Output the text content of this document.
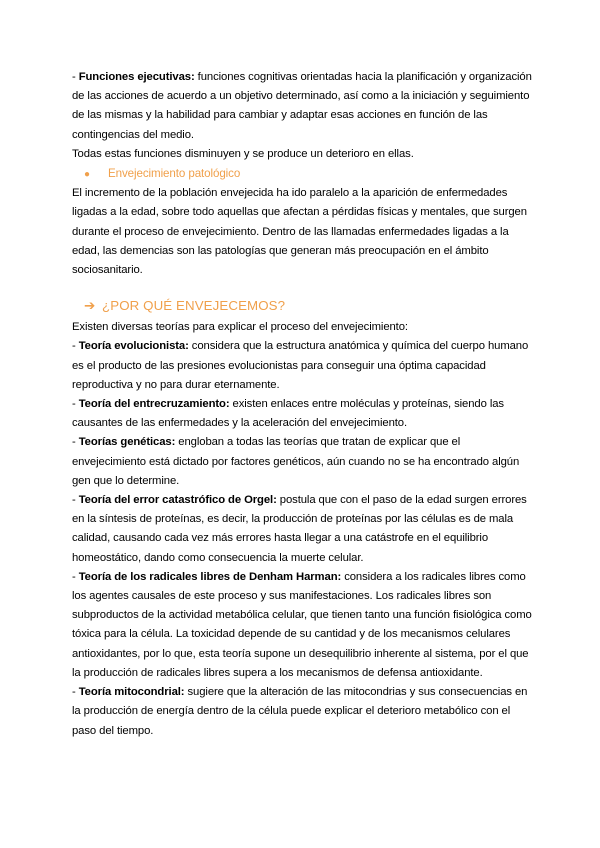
- Funciones ejecutivas: funciones cognitivas orientadas hacia la planificación y organización de las acciones de acuerdo a un objetivo determinado, así como a la iniciación y seguimiento de las mismas y la habilidad para cambiar y adaptar esas acciones en función de las contingencias del medio.

Todas estas funciones disminuyen y se produce un deterioro en ellas.

● Envejecimiento patológico

El incremento de la población envejecida ha ido paralelo a la aparición de enfermedades ligadas a la edad, sobre todo aquellas que afectan a pérdidas físicas y mentales, que surgen durante el proceso de envejecimiento. Dentro de las llamadas enfermedades ligadas a la edad, las demencias son las patologías que generan más preocupación en el ámbito sociosanitario.

➔ ¿POR QUÉ ENVEJECEMOS?

Existen diversas teorías para explicar el proceso del envejecimiento:

- Teoría evolucionista: considera que la estructura anatómica y química del cuerpo humano es el producto de las presiones evolucionistas para conseguir una óptima capacidad reproductiva y no para durar eternamente.

- Teoría del entrecruzamiento: existen enlaces entre moléculas y proteínas, siendo las causantes de las enfermedades y la aceleración del envejecimiento.

- Teorías genéticas: engloban a todas las teorías que tratan de explicar que el envejecimiento está dictado por factores genéticos, aún cuando no se ha encontrado algún gen que lo determine.

- Teoría del error catastrófico de Orgel: postula que con el paso de la edad surgen errores en la síntesis de proteínas, es decir, la producción de proteínas por las células es de mala calidad, causando cada vez más errores hasta llegar a una catástrofe en el equilibrio homeostático, dando como consecuencia la muerte celular.

- Teoría de los radicales libres de Denham Harman: considera a los radicales libres como los agentes causales de este proceso y sus manifestaciones. Los radicales libres son subproductos de la actividad metabólica celular, que tienen tanto una función fisiológica como tóxica para la célula. La toxicidad depende de su cantidad y de los mecanismos celulares antioxidantes, por lo que, esta teoría supone un desequilibrio inherente al sistema, por el que la producción de radicales libres supera a los mecanismos de defensa antioxidante.

- Teoría mitocondrial: sugiere que la alteración de las mitocondrias y sus consecuencias en la producción de energía dentro de la célula puede explicar el deterioro metabólico con el paso del tiempo.
